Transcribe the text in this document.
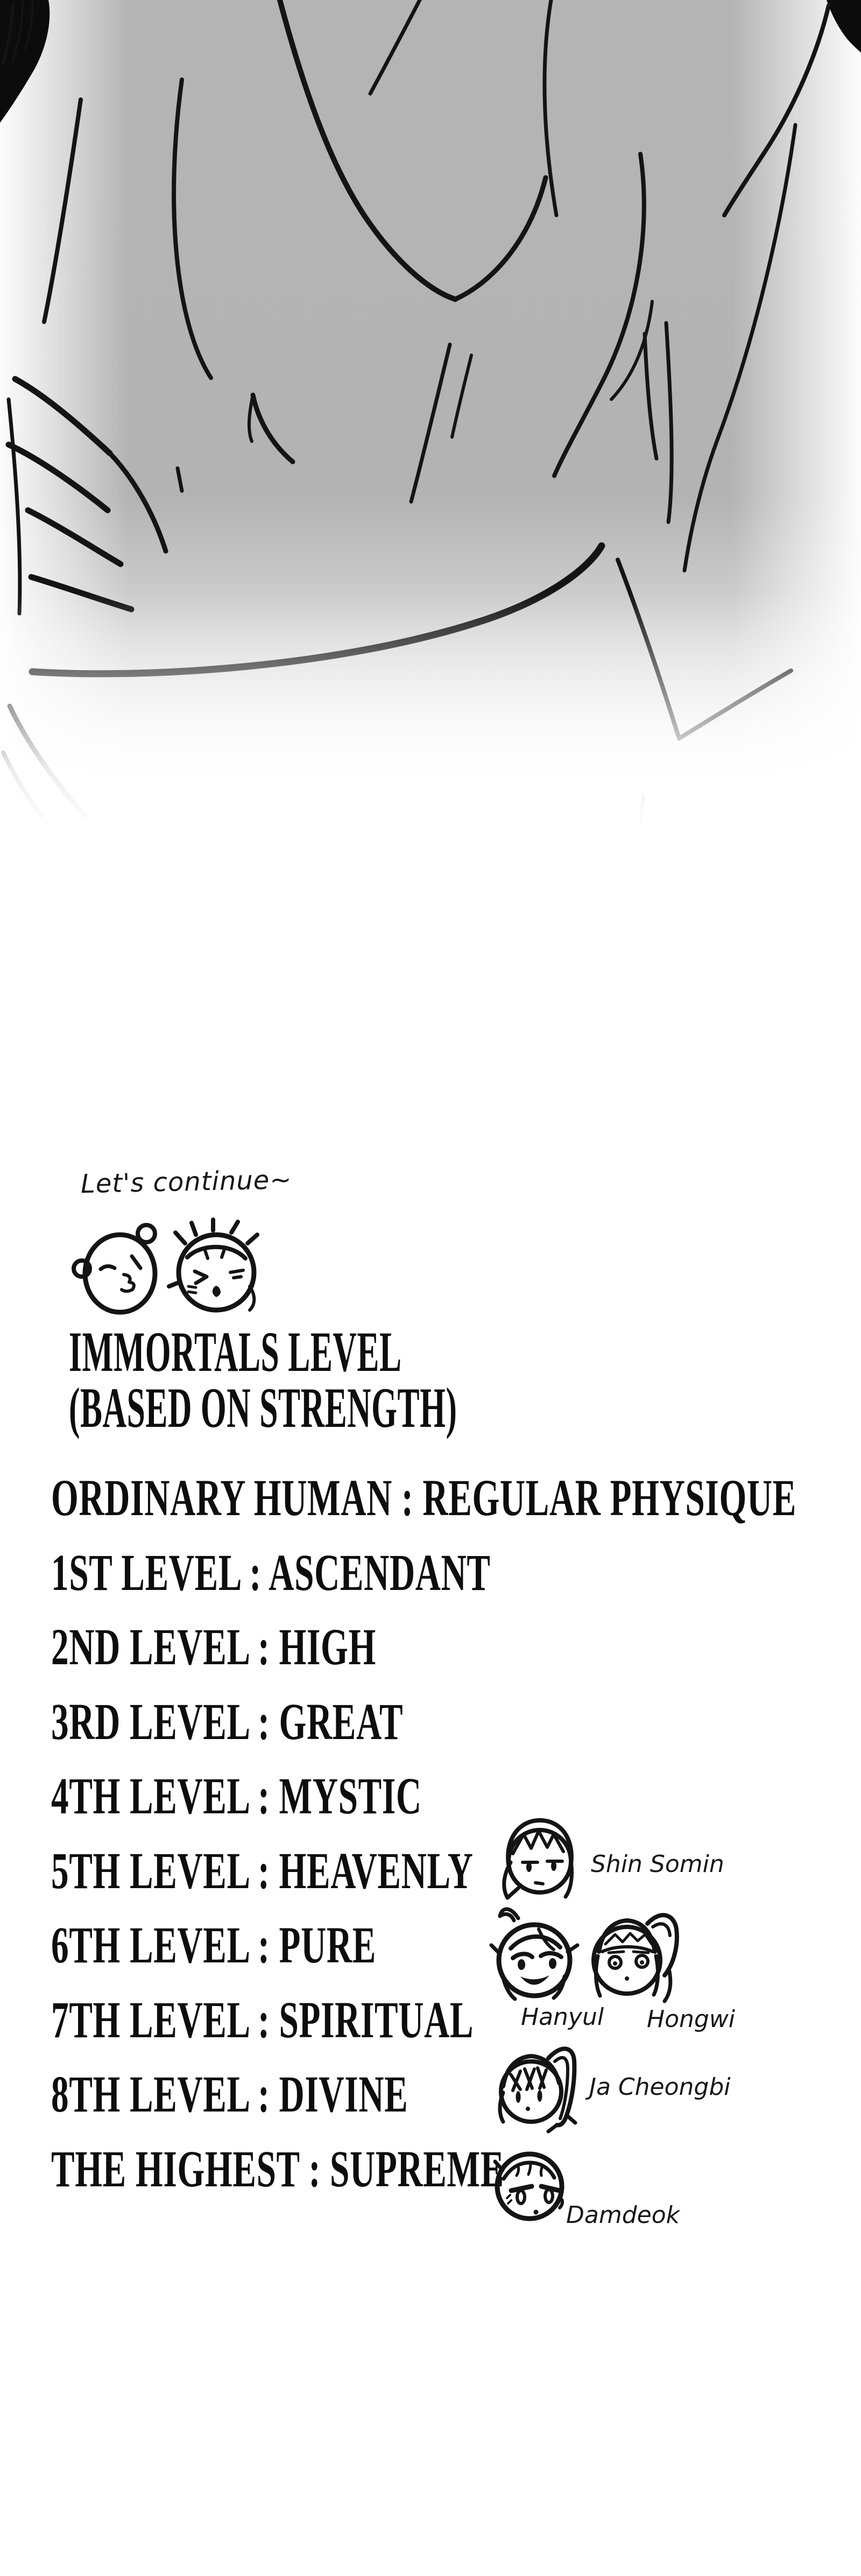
Let's continue~
IMMORTALS LEVEL
(BASED ON STRENGTH)
ORDINARY HUMAN : REGULAR PHYSIQUE
1ST LEVEL : ASCENDANT
2ND LEVEL : HIGH
3RD LEVEL : GREAT
4TH LEVEL : MYSTIC
5TH LEVEL : HEAVENLY
6TH LEVEL : PURE
7TH LEVEL : SPIRITUAL
8TH LEVEL : DIVINE
THE HIGHEST : SUPREME
Shin Somin
Hanyul Hongwi
Ja Cheongbi
Damdeok
